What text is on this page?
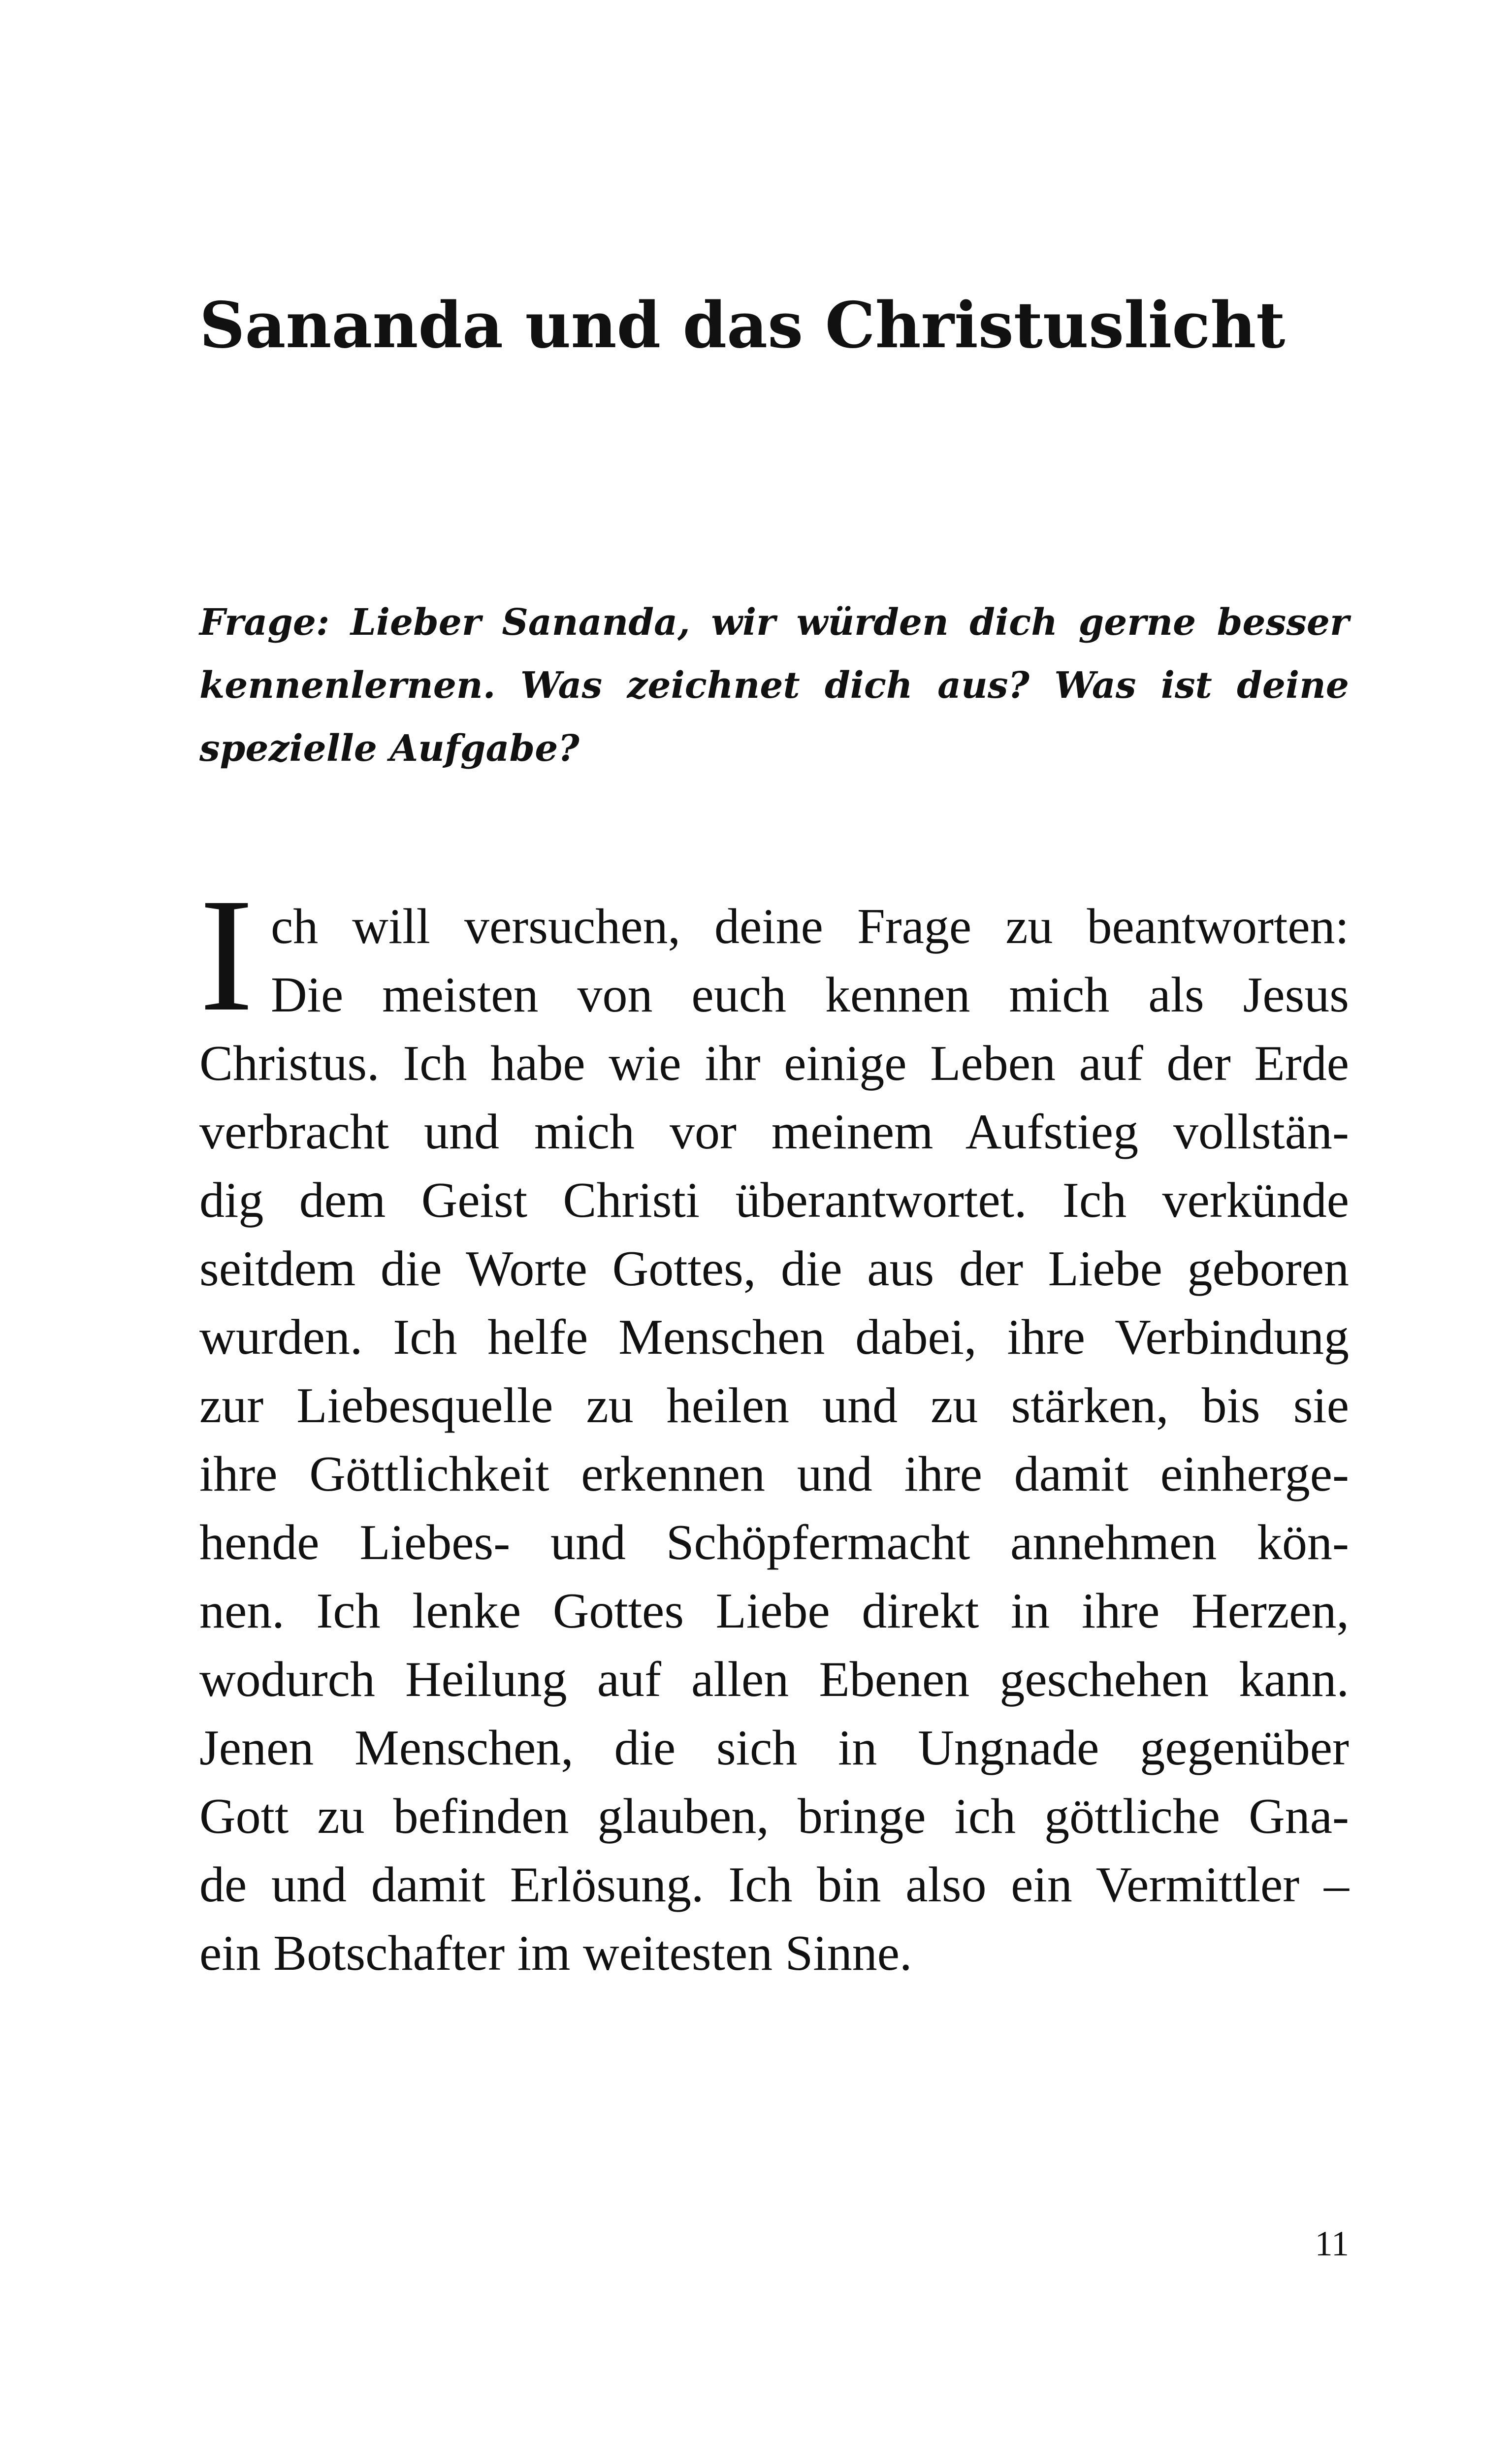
Sananda und das Christuslicht
Frage: Lieber Sananda, wir würden dich gerne besser
kennenlernen. Was zeichnet dich aus? Was ist deine
spezielle Aufgabe?
I ch will versuchen, deine Frage zu beantworten:
Die meisten von euch kennen mich als Jesus
Christus. Ich habe wie ihr einige Leben auf der Erde
verbracht und mich vor meinem Aufstieg vollstän-
dig dem Geist Christi überantwortet. Ich verkünde
seitdem die Worte Gottes, die aus der Liebe geboren
wurden. Ich helfe Menschen dabei, ihre Verbindung
zur Liebesquelle zu heilen und zu stärken, bis sie
ihre Göttlichkeit erkennen und ihre damit einherge-
hende Liebes- und Schöpfermacht annehmen kön-
nen. Ich lenke Gottes Liebe direkt in ihre Herzen,
wodurch Heilung auf allen Ebenen geschehen kann.
Jenen Menschen, die sich in Ungnade gegenüber
Gott zu befinden glauben, bringe ich göttliche Gna-
de und damit Erlösung. Ich bin also ein Vermittler –
ein Botschafter im weitesten Sinne.
11
